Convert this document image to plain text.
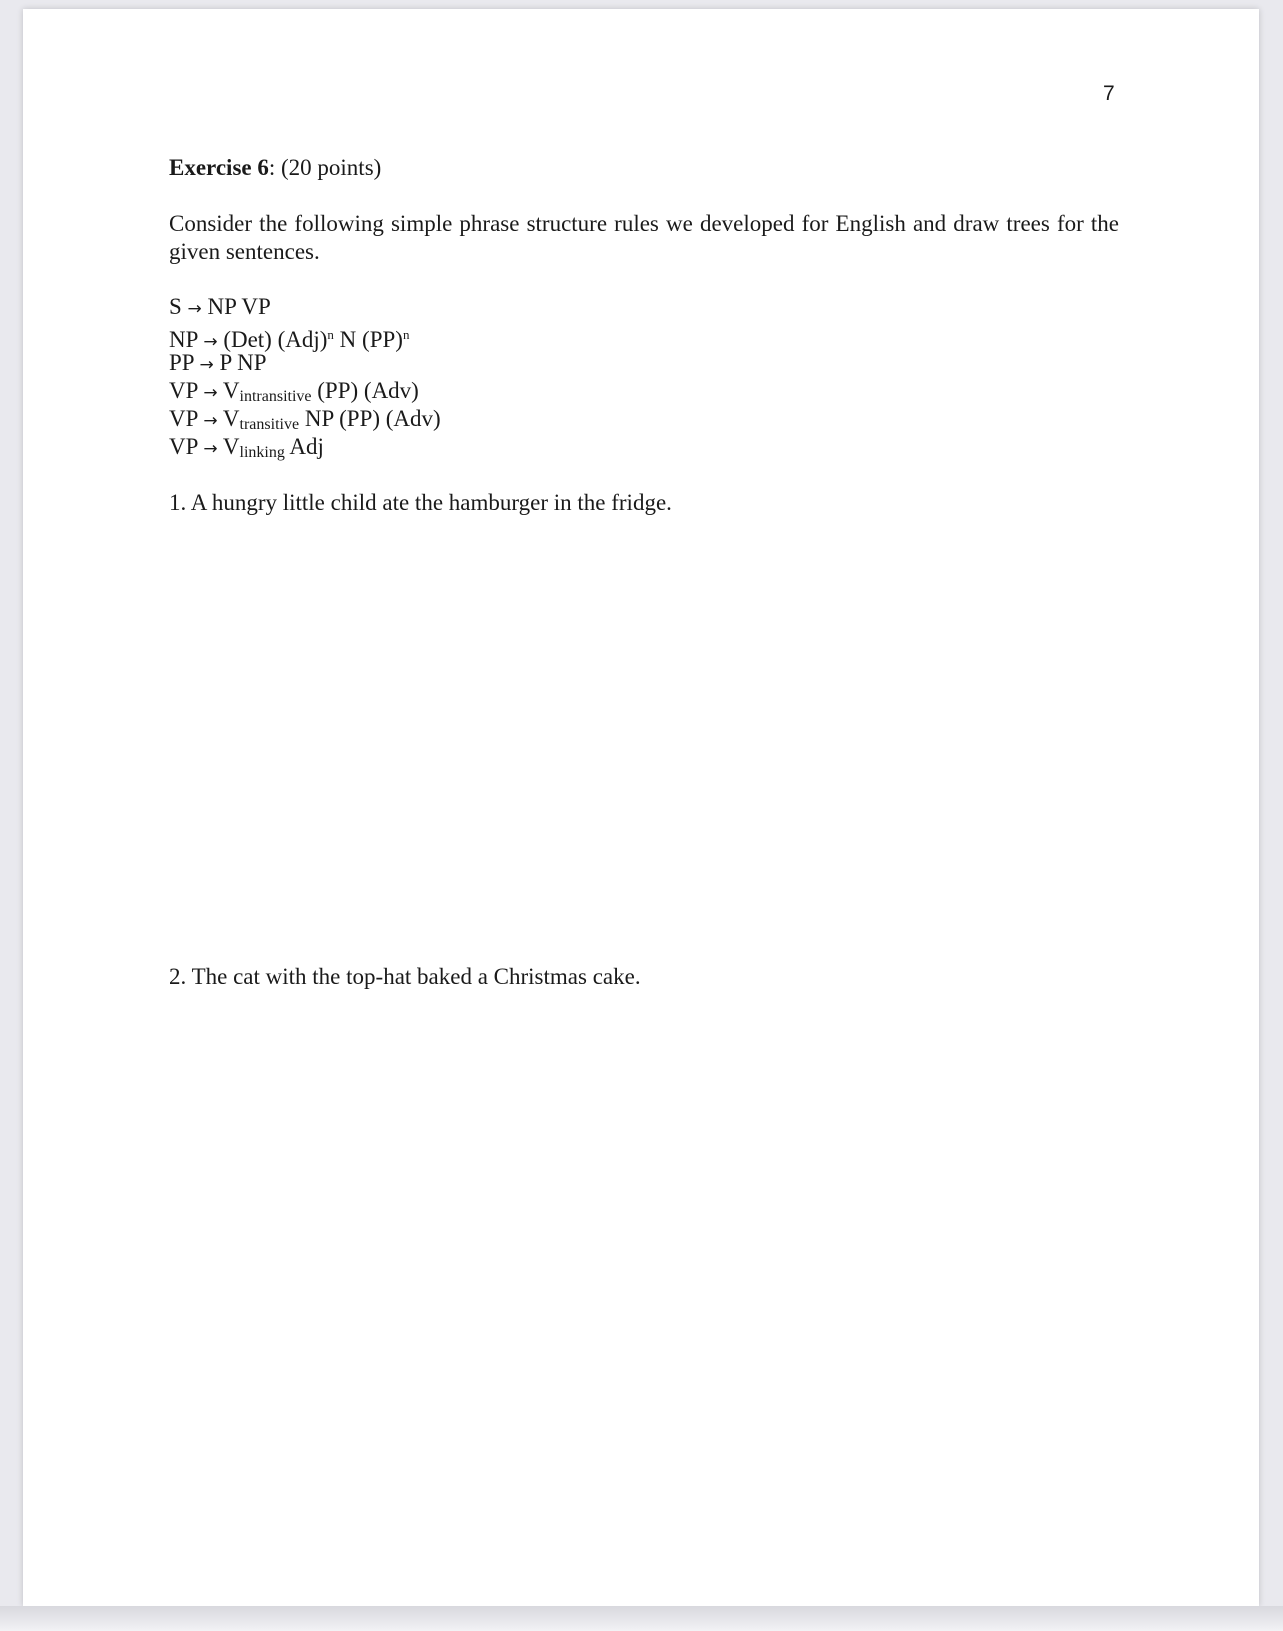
7
Exercise 6: (20 points)
Consider the following simple phrase structure rules we developed for English and draw trees for the given sentences.
S → NP VP
NP → (Det) (Adj)$^n$ N (PP)$^n$
PP → P NP
VP → $V_{intransitive}$ (PP) (Adv)
VP → $V_{transitive}$ NP (PP) (Adv)
VP → $V_{linking}$ Adj
1. A hungry little child ate the hamburger in the fridge.
2. The cat with the top-hat baked a Christmas cake.
